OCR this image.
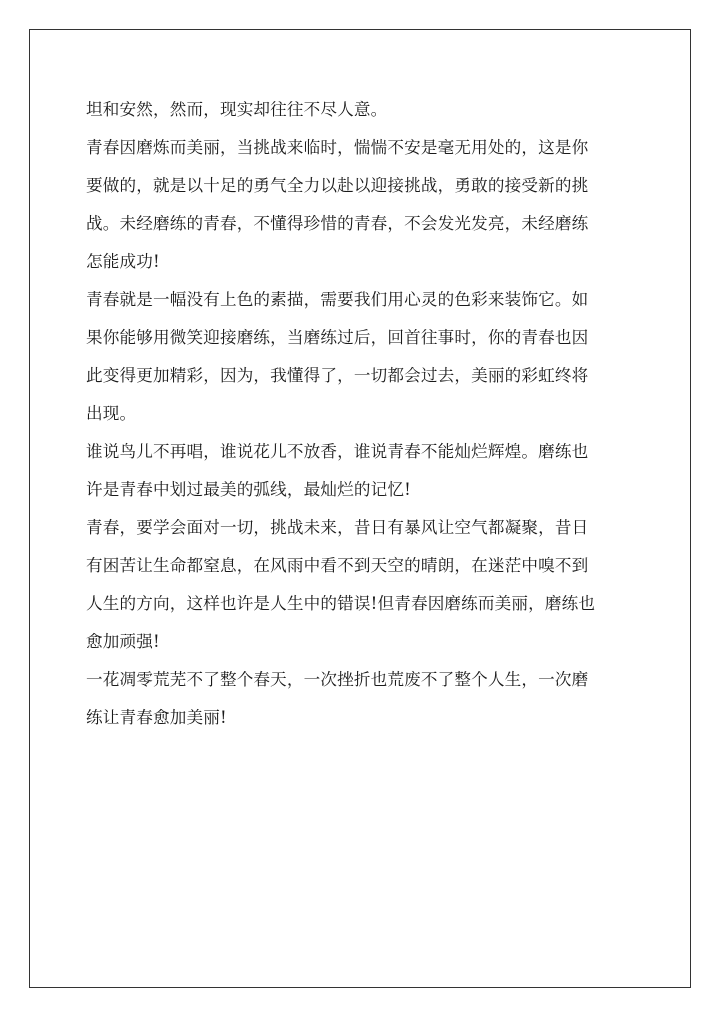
坦和安然，然而，现实却往往不尽人意。
青春因磨炼而美丽，当挑战来临时，惴惴不安是毫无用处的，这是你
要做的，就是以十足的勇气全力以赴以迎接挑战，勇敢的接受新的挑
战。未经磨练的青春，不懂得珍惜的青春，不会发光发亮，未经磨练
怎能成功!
青春就是一幅没有上色的素描，需要我们用心灵的色彩来装饰它。如
果你能够用微笑迎接磨练，当磨练过后，回首往事时，你的青春也因
此变得更加精彩，因为，我懂得了，一切都会过去，美丽的彩虹终将
出现。
谁说鸟儿不再唱，谁说花儿不放香，谁说青春不能灿烂辉煌。磨练也
许是青春中划过最美的弧线，最灿烂的记忆!
青春，要学会面对一切，挑战未来，昔日有暴风让空气都凝聚，昔日
有困苦让生命都窒息，在风雨中看不到天空的晴朗，在迷茫中嗅不到
人生的方向，这样也许是人生中的错误!但青春因磨练而美丽，磨练也
愈加顽强!
一花凋零荒芜不了整个春天，一次挫折也荒废不了整个人生，一次磨
练让青春愈加美丽!
